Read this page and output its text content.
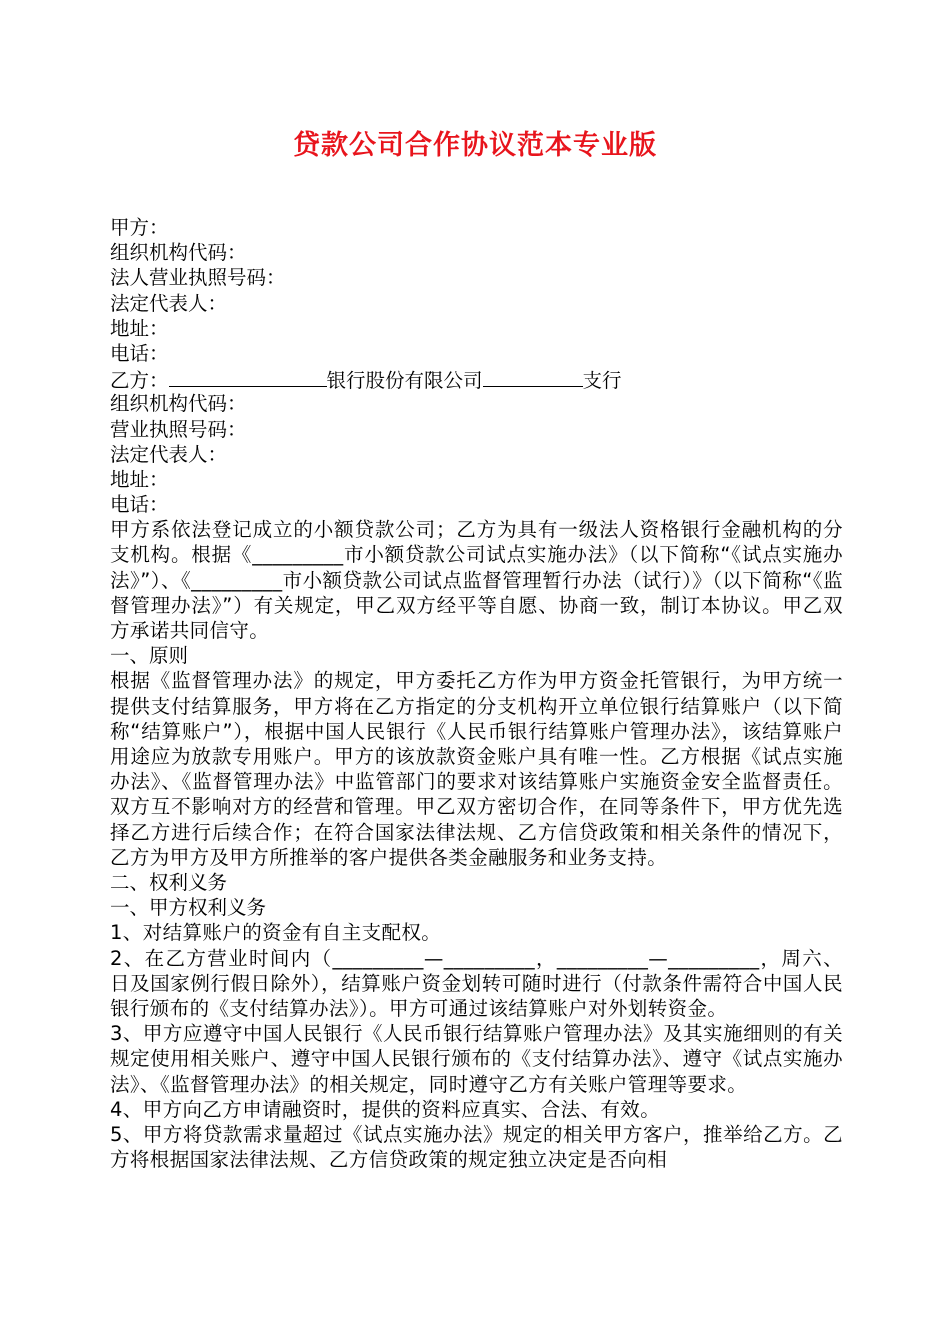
贷款公司合作协议范本专业版
甲方：
组织机构代码：
法人营业执照号码：
法定代表人：
地址：
电话：
乙方：	银行股份有限公司	支行
组织机构代码：
营业执照号码：
法定代表人：
地址：
电话：
甲方系依法登记成立的小额贷款公司；乙方为具有一级法人资格银行金融机构的分支机构。根据《_________市小额贷款公司试点实施办法》（以下简称“《试点实施办法》”）、《_________市小额贷款公司试点监督管理暂行办法（试行）》（以下简称“《监督管理办法》”）有关规定，甲乙双方经平等自愿、协商一致，制订本协议。甲乙双方承诺共同信守。
一、原则
根据《监督管理办法》的规定，甲方委托乙方作为甲方资金托管银行，为甲方统一提供支付结算服务，甲方将在乙方指定的分支机构开立单位银行结算账户（以下简称“结算账户”），根据中国人民银行《人民币银行结算账户管理办法》，该结算账户用途应为放款专用账户。甲方的该放款资金账户具有唯一性。乙方根据《试点实施办法》、《监督管理办法》中监管部门的要求对该结算账户实施资金安全监督责任。双方互不影响对方的经营和管理。甲乙双方密切合作，在同等条件下，甲方优先选择乙方进行后续合作；在符合国家法律法规、乙方信贷政策和相关条件的情况下，乙方为甲方及甲方所推举的客户提供各类金融服务和业务支持。
二、权利义务
一、甲方权利义务
1、对结算账户的资金有自主支配权。
2、在乙方营业时间内（_________—_________，_________—_________，周六、日及国家例行假日除外），结算账户资金划转可随时进行（付款条件需符合中国人民银行颁布的《支付结算办法》）。甲方可通过该结算账户对外划转资金。
3、甲方应遵守中国人民银行《人民币银行结算账户管理办法》及其实施细则的有关规定使用相关账户、遵守中国人民银行颁布的《支付结算办法》、遵守《试点实施办法》、《监督管理办法》的相关规定，同时遵守乙方有关账户管理等要求。
4、甲方向乙方申请融资时，提供的资料应真实、合法、有效。
5、甲方将贷款需求量超过《试点实施办法》规定的相关甲方客户，推举给乙方。乙方将根据国家法律法规、乙方信贷政策的规定独立决定是否向相
